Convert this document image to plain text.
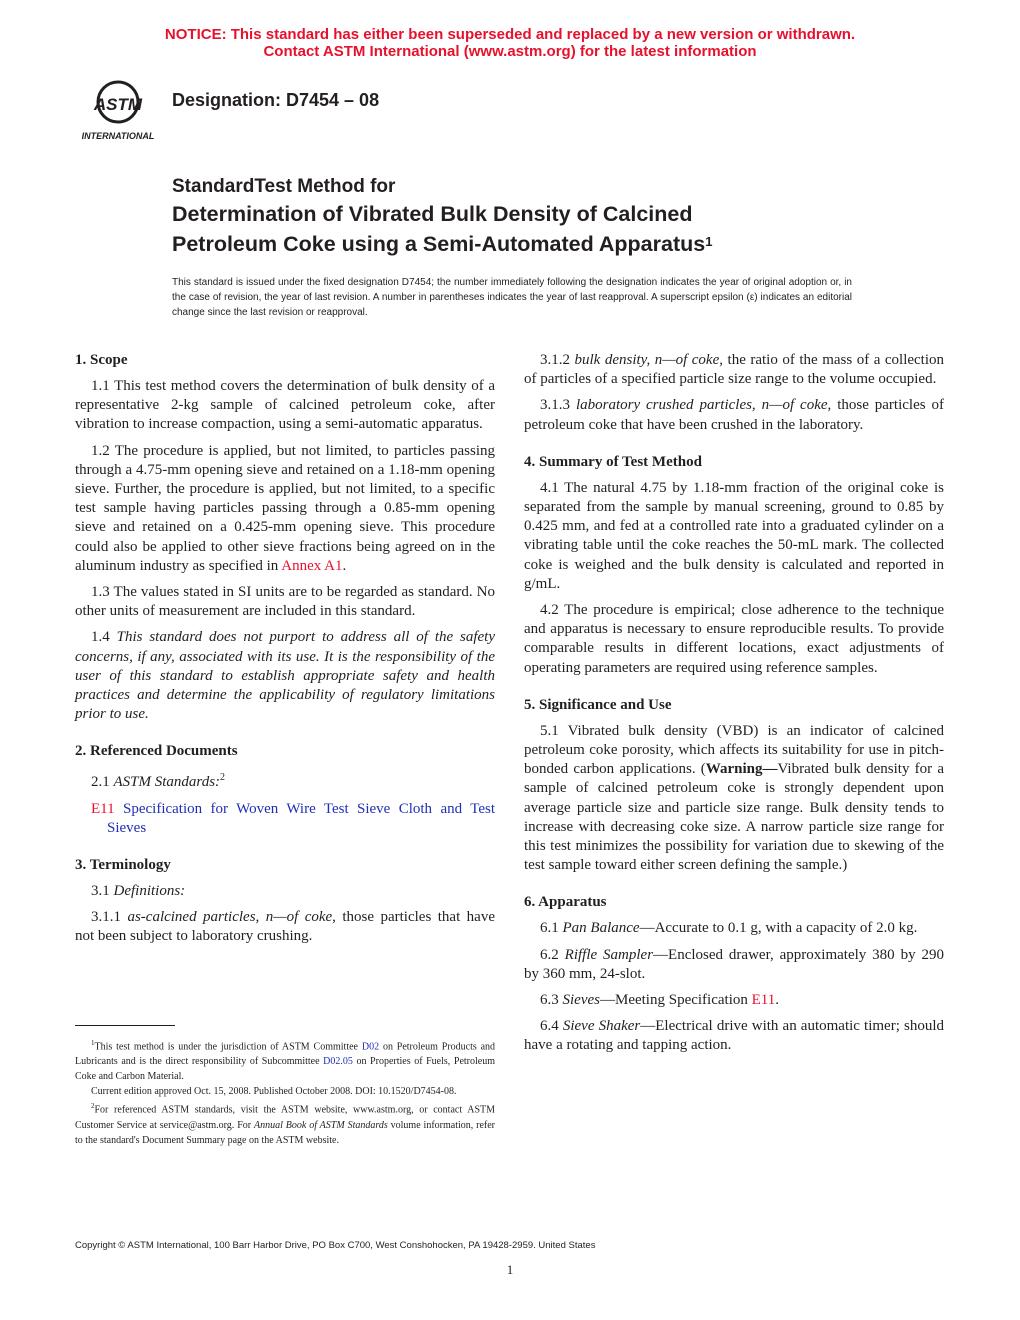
NOTICE: This standard has either been superseded and replaced by a new version or withdrawn.
Contact ASTM International (www.astm.org) for the latest information
ASTM
INTERNATIONAL
Designation: D7454 – 08
StandardTest Method for
Determination of Vibrated Bulk Density of Calcined
Petroleum Coke using a Semi-Automated Apparatus$^1$
This standard is issued under the fixed designation D7454; the number immediately following the designation indicates the year of original adoption or, in the case of revision, the year of last revision. A number in parentheses indicates the year of last reapproval. A superscript epsilon (ε) indicates an editorial change since the last revision or reapproval.
1. Scope

1.1 This test method covers the determination of bulk density of a representative 2-kg sample of calcined petroleum coke, after vibration to increase compaction, using a semi-automatic apparatus.

1.2 The procedure is applied, but not limited, to particles passing through a 4.75-mm opening sieve and retained on a 1.18-mm opening sieve. Further, the procedure is applied, but not limited, to a specific test sample having particles passing through a 0.85-mm opening sieve and retained on a 0.425-mm opening sieve. This procedure could also be applied to other sieve fractions being agreed on in the aluminum industry as specified in Annex A1.

1.3 The values stated in SI units are to be regarded as standard. No other units of measurement are included in this standard.

1.4 This standard does not purport to address all of the safety concerns, if any, associated with its use. It is the responsibility of the user of this standard to establish appropriate safety and health practices and determine the applicability of regulatory limitations prior to use.

2. Referenced Documents

2.1 ASTM Standards:$^2$

E11 Specification for Woven Wire Test Sieve Cloth and Test Sieves

3. Terminology

3.1 Definitions:

3.1.1 as-calcined particles, n—of coke, those particles that have not been subject to laboratory crushing.

$^1$This test method is under the jurisdiction of ASTM Committee D02 on Petroleum Products and Lubricants and is the direct responsibility of Subcommittee D02.05 on Properties of Fuels, Petroleum Coke and Carbon Material.

Current edition approved Oct. 15, 2008. Published October 2008. DOI: 10.1520/D7454-08.

$^2$For referenced ASTM standards, visit the ASTM website, www.astm.org, or contact ASTM Customer Service at service@astm.org. For Annual Book of ASTM Standards volume information, refer to the standard's Document Summary page on the ASTM website.

3.1.2 bulk density, n—of coke, the ratio of the mass of a collection of particles of a specified particle size range to the volume occupied.

3.1.3 laboratory crushed particles, n—of coke, those particles of petroleum coke that have been crushed in the laboratory.

4. Summary of Test Method

4.1 The natural 4.75 by 1.18-mm fraction of the original coke is separated from the sample by manual screening, ground to 0.85 by 0.425 mm, and fed at a controlled rate into a graduated cylinder on a vibrating table until the coke reaches the 50-mL mark. The collected coke is weighed and the bulk density is calculated and reported in g/mL.

4.2 The procedure is empirical; close adherence to the technique and apparatus is necessary to ensure reproducible results. To provide comparable results in different locations, exact adjustments of operating parameters are required using reference samples.

5. Significance and Use

5.1 Vibrated bulk density (VBD) is an indicator of calcined petroleum coke porosity, which affects its suitability for use in pitch-bonded carbon applications. (Warning—Vibrated bulk density for a sample of calcined petroleum coke is strongly dependent upon average particle size and particle size range. Bulk density tends to increase with decreasing coke size. A narrow particle size range for this test minimizes the possibility for variation due to skewing of the test sample toward either screen defining the sample.)

6. Apparatus

6.1 Pan Balance—Accurate to 0.1 g, with a capacity of 2.0 kg.

6.2 Riffle Sampler—Enclosed drawer, approximately 380 by 290 by 360 mm, 24-slot.

6.3 Sieves—Meeting Specification E11.

6.4 Sieve Shaker—Electrical drive with an automatic timer; should have a rotating and tapping action.

Copyright © ASTM International, 100 Barr Harbor Drive, PO Box C700, West Conshohocken, PA 19428-2959. United States
1
